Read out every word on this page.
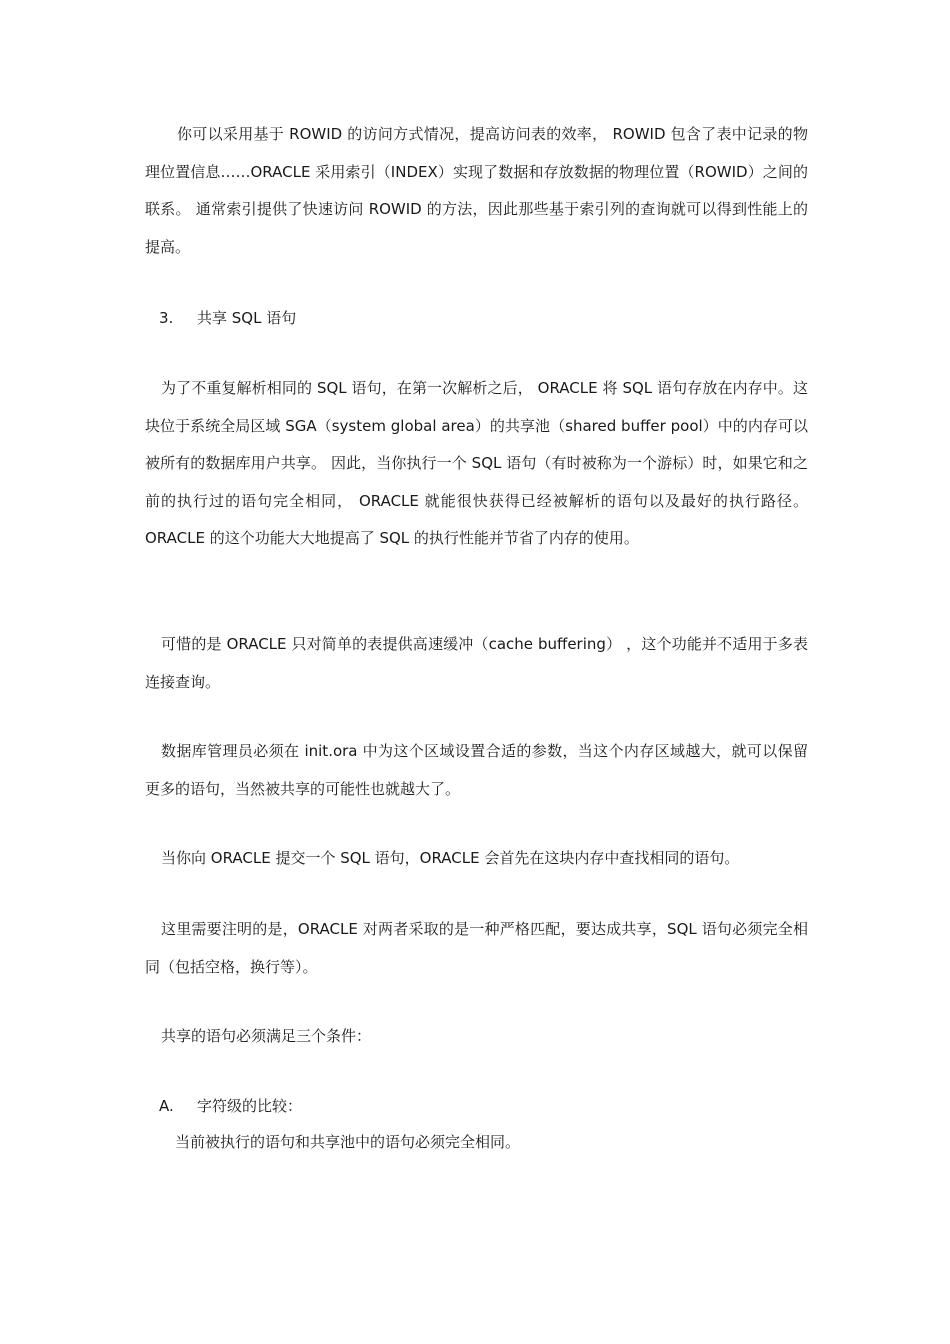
你可以采用基于 ROWID 的访问方式情况，提高访问表的效率， ROWID 包含了表中记录的物理位置信息……ORACLE 采用索引（INDEX）实现了数据和存放数据的物理位置（ROWID）之间的联系。 通常索引提供了快速访问 ROWID 的方法，因此那些基于索引列的查询就可以得到性能上的提高。

3. 共享 SQL 语句

为了不重复解析相同的 SQL 语句，在第一次解析之后， ORACLE 将 SQL 语句存放在内存中。这块位于系统全局区域 SGA（system global area）的共享池（shared buffer pool）中的内存可以被所有的数据库用户共享。 因此，当你执行一个 SQL 语句（有时被称为一个游标）时，如果它和之前的执行过的语句完全相同， ORACLE 就能很快获得已经被解析的语句以及最好的执行路径。 ORACLE 的这个功能大大地提高了 SQL 的执行性能并节省了内存的使用。

可惜的是 ORACLE 只对简单的表提供高速缓冲（cache buffering） ，这个功能并不适用于多表连接查询。

数据库管理员必须在 init.ora 中为这个区域设置合适的参数，当这个内存区域越大，就可以保留更多的语句，当然被共享的可能性也就越大了。

当你向 ORACLE 提交一个 SQL 语句，ORACLE 会首先在这块内存中查找相同的语句。

这里需要注明的是，ORACLE 对两者采取的是一种严格匹配，要达成共享，SQL 语句必须完全相同（包括空格，换行等）。

共享的语句必须满足三个条件：

A. 字符级的比较：

当前被执行的语句和共享池中的语句必须完全相同。
